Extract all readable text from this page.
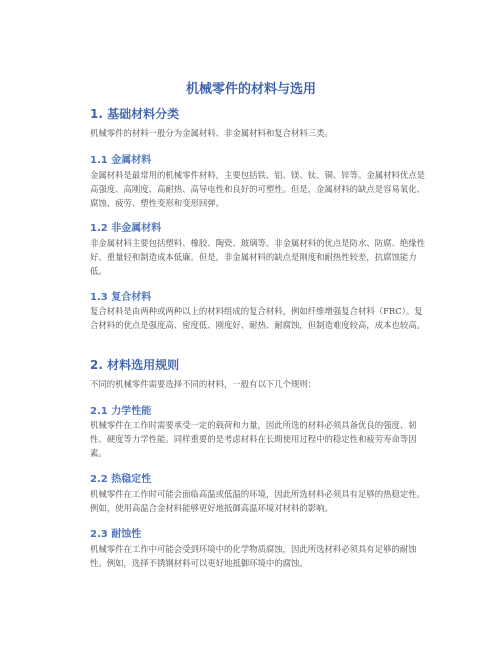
机械零件的材料与选用
1. 基础材料分类

机械零件的材料一般分为金属材料、非金属材料和复合材料三类。

1.1 金属材料

金属材料是最常用的机械零件材料，主要包括铁、铝、镁、钛、铜、锌等。金属材料优点是高强度、高刚度、高耐热、高导电性和良好的可塑性。但是，金属材料的缺点是容易氧化、腐蚀、疲劳、塑性变形和变形回弹。

1.2 非金属材料

非金属材料主要包括塑料、橡胶、陶瓷、玻璃等。非金属材料的优点是防水、防腐、绝缘性好、重量轻和制造成本低廉。但是，非金属材料的缺点是刚度和耐热性较差，抗腐蚀能力低。

1.3 复合材料

复合材料是由两种或两种以上的材料组成的复合材料，例如纤维增强复合材料（FRC）。复合材料的优点是强度高、密度低、刚度好、耐热、耐腐蚀，但制造难度较高，成本也较高。

2. 材料选用规则

不同的机械零件需要选择不同的材料，一般有以下几个规则：

2.1 力学性能

机械零件在工作时需要承受一定的载荷和力量，因此所选的材料必须具备优良的强度、韧性、硬度等力学性能。同样重要的是考虑材料在长期使用过程中的稳定性和疲劳寿命等因素。

2.2 热稳定性

机械零件在工作时可能会面临高温或低温的环境，因此所选材料必须具有足够的热稳定性。例如，使用高温合金材料能够更好地抵御高温环境对材料的影响。

2.3 耐蚀性

机械零件在工作中可能会受到环境中的化学物质腐蚀，因此所选材料必须具有足够的耐蚀性。例如，选择不锈钢材料可以更好地抵御环境中的腐蚀。
